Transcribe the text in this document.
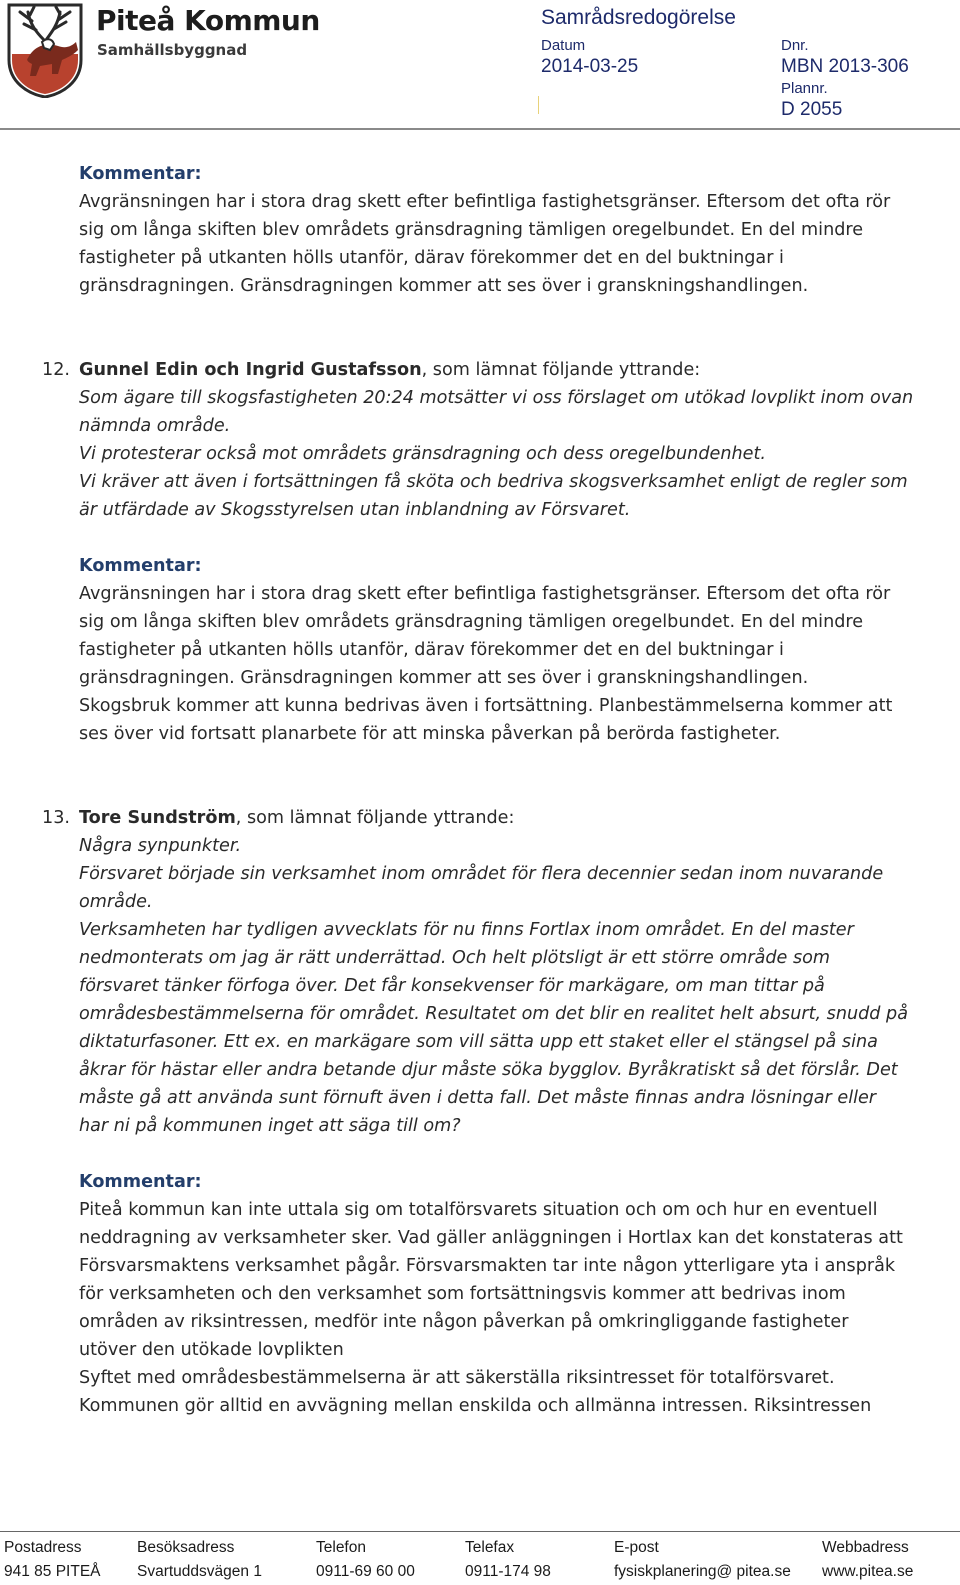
Piteå Kommun
Samhällsbyggnad
Samrådsredogörelse
Datum
2014-03-25
Dnr.
MBN 2013-306
Plannr.
D 2055
Kommentar:
Avgränsningen har i stora drag skett efter befintliga fastighetsgränser. Eftersom det ofta rör
sig om långa skiften blev områdets gränsdragning tämligen oregelbundet. En del mindre
fastigheter på utkanten hölls utanför, därav förekommer det en del buktningar i
gränsdragningen. Gränsdragningen kommer att ses över i granskningshandlingen.
12. Gunnel Edin och Ingrid Gustafsson, som lämnat följande yttrande:
Som ägare till skogsfastigheten 20:24 motsätter vi oss förslaget om utökad lovplikt inom ovan
nämnda område.
Vi protesterar också mot områdets gränsdragning och dess oregelbundenhet.
Vi kräver att även i fortsättningen få sköta och bedriva skogsverksamhet enligt de regler som
är utfärdade av Skogsstyrelsen utan inblandning av Försvaret.
Kommentar:
Avgränsningen har i stora drag skett efter befintliga fastighetsgränser. Eftersom det ofta rör
sig om långa skiften blev områdets gränsdragning tämligen oregelbundet. En del mindre
fastigheter på utkanten hölls utanför, därav förekommer det en del buktningar i
gränsdragningen. Gränsdragningen kommer att ses över i granskningshandlingen.
Skogsbruk kommer att kunna bedrivas även i fortsättning. Planbestämmelserna kommer att
ses över vid fortsatt planarbete för att minska påverkan på berörda fastigheter.
13. Tore Sundström, som lämnat följande yttrande:
Några synpunkter.
Försvaret började sin verksamhet inom området för flera decennier sedan inom nuvarande
område.
Verksamheten har tydligen avvecklats för nu finns Fortlax inom området. En del master
nedmonterats om jag är rätt underrättad. Och helt plötsligt är ett större område som
försvaret tänker förfoga över. Det får konsekvenser för markägare, om man tittar på
områdesbestämmelserna för området. Resultatet om det blir en realitet helt absurt, snudd på
diktaturfasoner. Ett ex. en markägare som vill sätta upp ett staket eller el stängsel på sina
åkrar för hästar eller andra betande djur måste söka bygglov. Byråkratiskt så det förslår. Det
måste gå att använda sunt förnuft även i detta fall. Det måste finnas andra lösningar eller
har ni på kommunen inget att säga till om?
Kommentar:
Piteå kommun kan inte uttala sig om totalförsvarets situation och om och hur en eventuell
neddragning av verksamheter sker. Vad gäller anläggningen i Hortlax kan det konstateras att
Försvarsmaktens verksamhet pågår. Försvarsmakten tar inte någon ytterligare yta i anspråk
för verksamheten och den verksamhet som fortsättningsvis kommer att bedrivas inom
områden av riksintressen, medför inte någon påverkan på omkringliggande fastigheter
utöver den utökade lovplikten
Syftet med områdesbestämmelserna är att säkerställa riksintresset för totalförsvaret.
Kommunen gör alltid en avvägning mellan enskilda och allmänna intressen. Riksintressen
Postadress
941 85 PITEÅ
Besöksadress
Svartuddsvägen 1
Telefon
0911-69 60 00
Telefax
0911-174 98
E-post
fysiskplanering@ pitea.se
Webbadress
www.pitea.se
